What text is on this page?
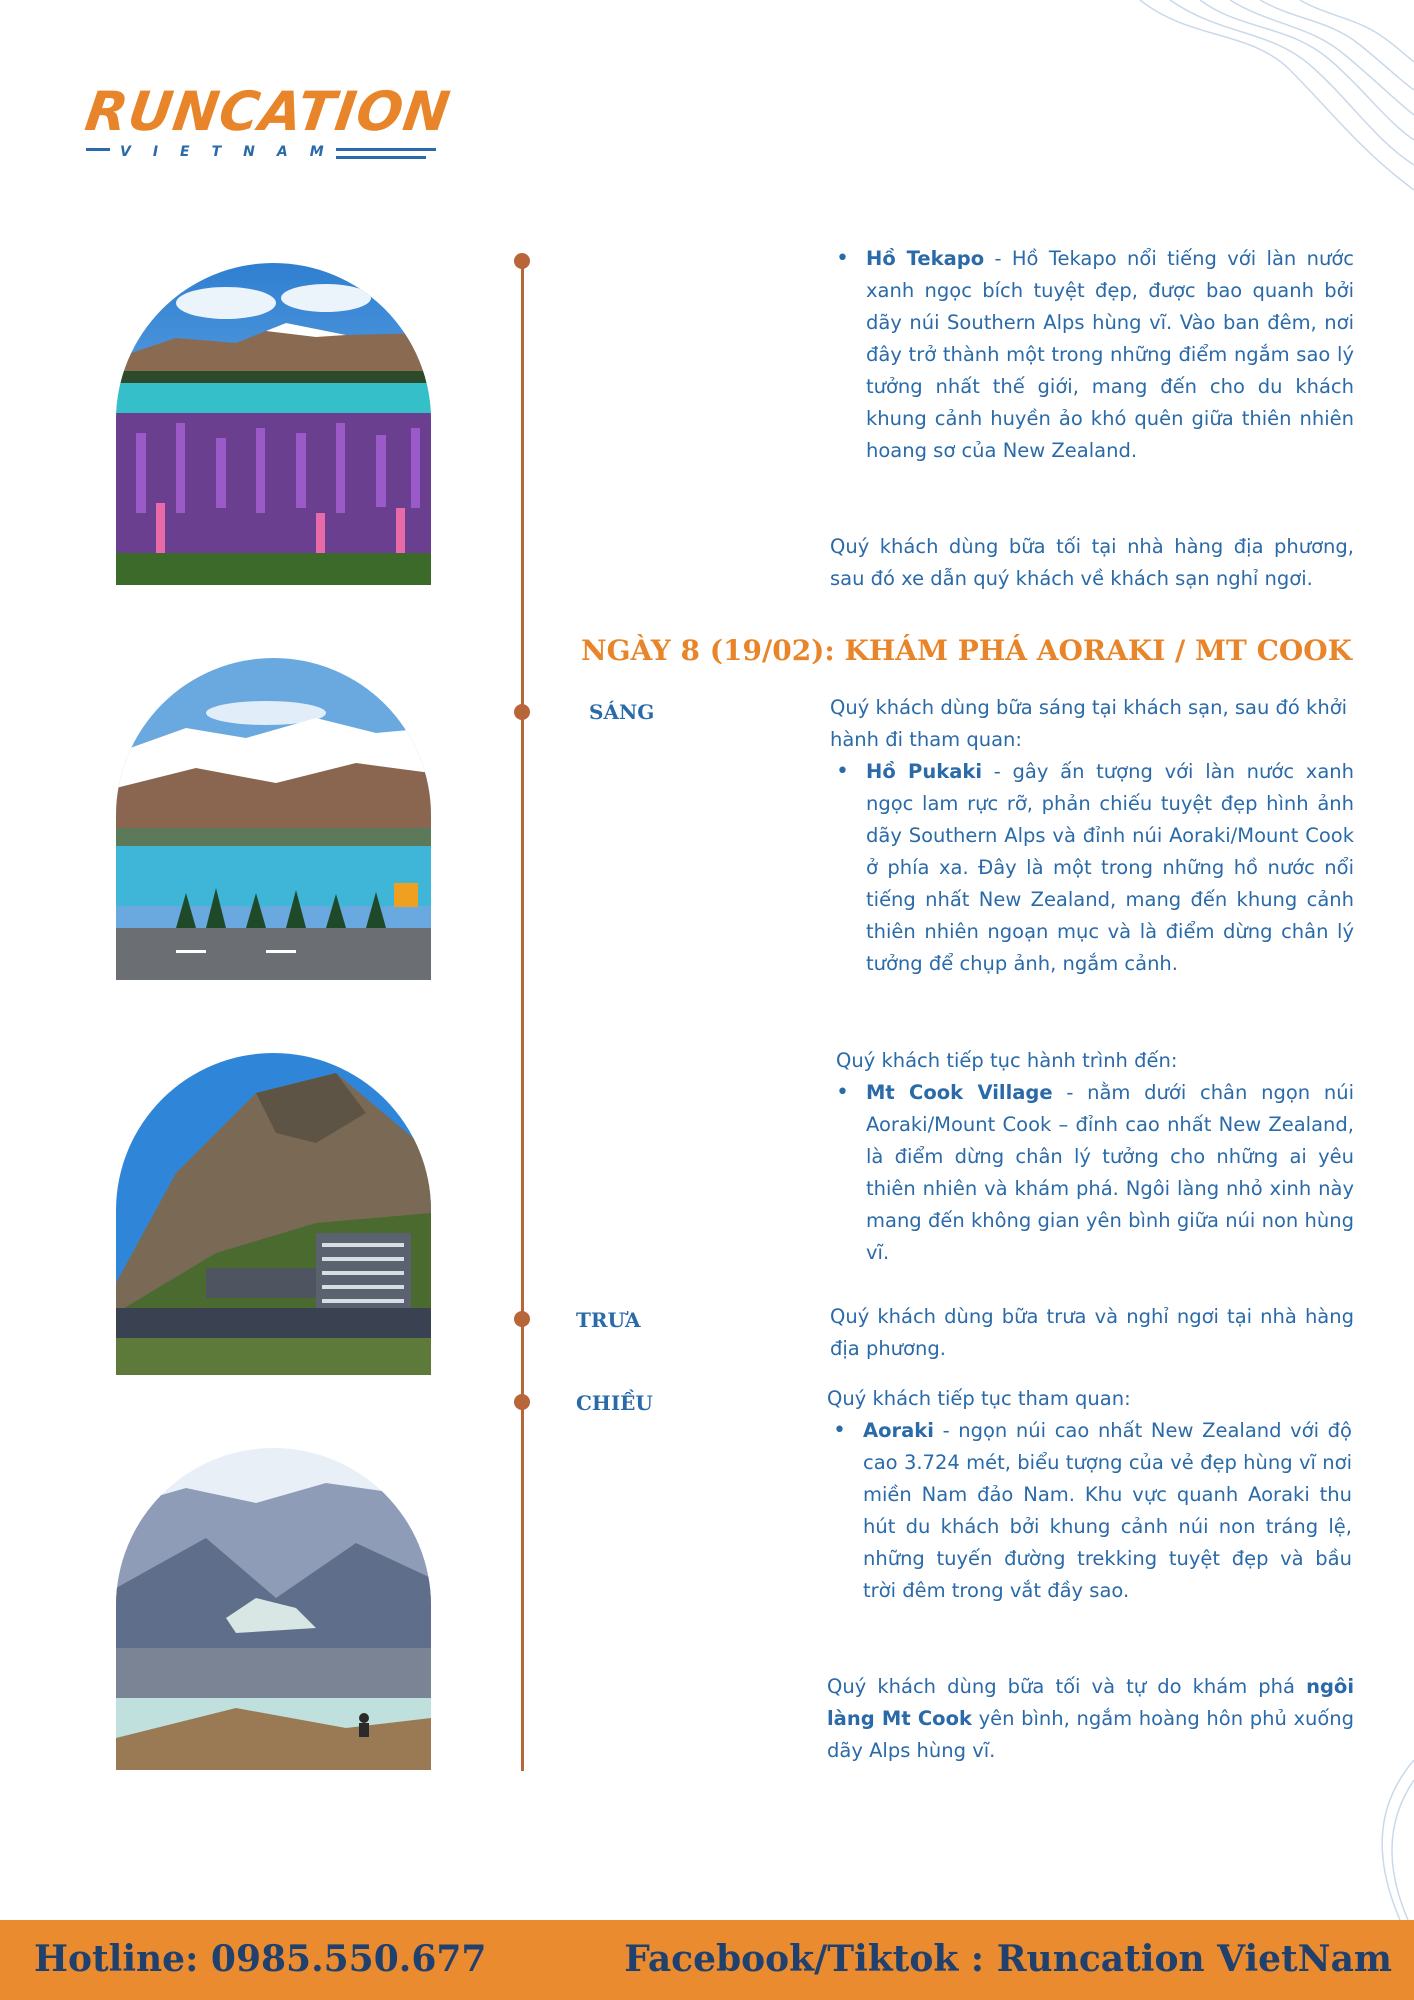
RUNCATION
VIETNAM
• Hồ Tekapo - Hồ Tekapo nổi tiếng với làn nước xanh ngọc bích tuyệt đẹp, được bao quanh bởi dãy núi Southern Alps hùng vĩ. Vào ban đêm, nơi đây trở thành một trong những điểm ngắm sao lý tưởng nhất thế giới, mang đến cho du khách khung cảnh huyền ảo khó quên giữa thiên nhiên hoang sơ của New Zealand.
Quý khách dùng bữa tối tại nhà hàng địa phương, sau đó xe dẫn quý khách về khách sạn nghỉ ngơi.
NGÀY 8 (19/02): KHÁM PHÁ AORAKI / MT COOK
SÁNG	Quý khách dùng bữa sáng tại khách sạn, sau đó khởi hành đi tham quan:
• Hồ Pukaki - gây ấn tượng với làn nước xanh ngọc lam rực rỡ, phản chiếu tuyệt đẹp hình ảnh dãy Southern Alps và đỉnh núi Aoraki/Mount Cook ở phía xa. Đây là một trong những hồ nước nổi tiếng nhất New Zealand, mang đến khung cảnh thiên nhiên ngoạn mục và là điểm dừng chân lý tưởng để chụp ảnh, ngắm cảnh.
Quý khách tiếp tục hành trình đến:
• Mt Cook Village - nằm dưới chân ngọn núi Aoraki/Mount Cook – đỉnh cao nhất New Zealand, là điểm dừng chân lý tưởng cho những ai yêu thiên nhiên và khám phá. Ngôi làng nhỏ xinh này mang đến không gian yên bình giữa núi non hùng vĩ.
TRƯA	Quý khách dùng bữa trưa và nghỉ ngơi tại nhà hàng địa phương.
CHIỀU	Quý khách tiếp tục tham quan:
• Aoraki - ngọn núi cao nhất New Zealand với độ cao 3.724 mét, biểu tượng của vẻ đẹp hùng vĩ nơi miền Nam đảo Nam. Khu vực quanh Aoraki thu hút du khách bởi khung cảnh núi non tráng lệ, những tuyến đường trekking tuyệt đẹp và bầu trời đêm trong vắt đầy sao.
Quý khách dùng bữa tối và tự do khám phá ngôi làng Mt Cook yên bình, ngắm hoàng hôn phủ xuống dãy Alps hùng vĩ.
Hotline: 0985.550.677	Facebook/Tiktok : Runcation VietNam
